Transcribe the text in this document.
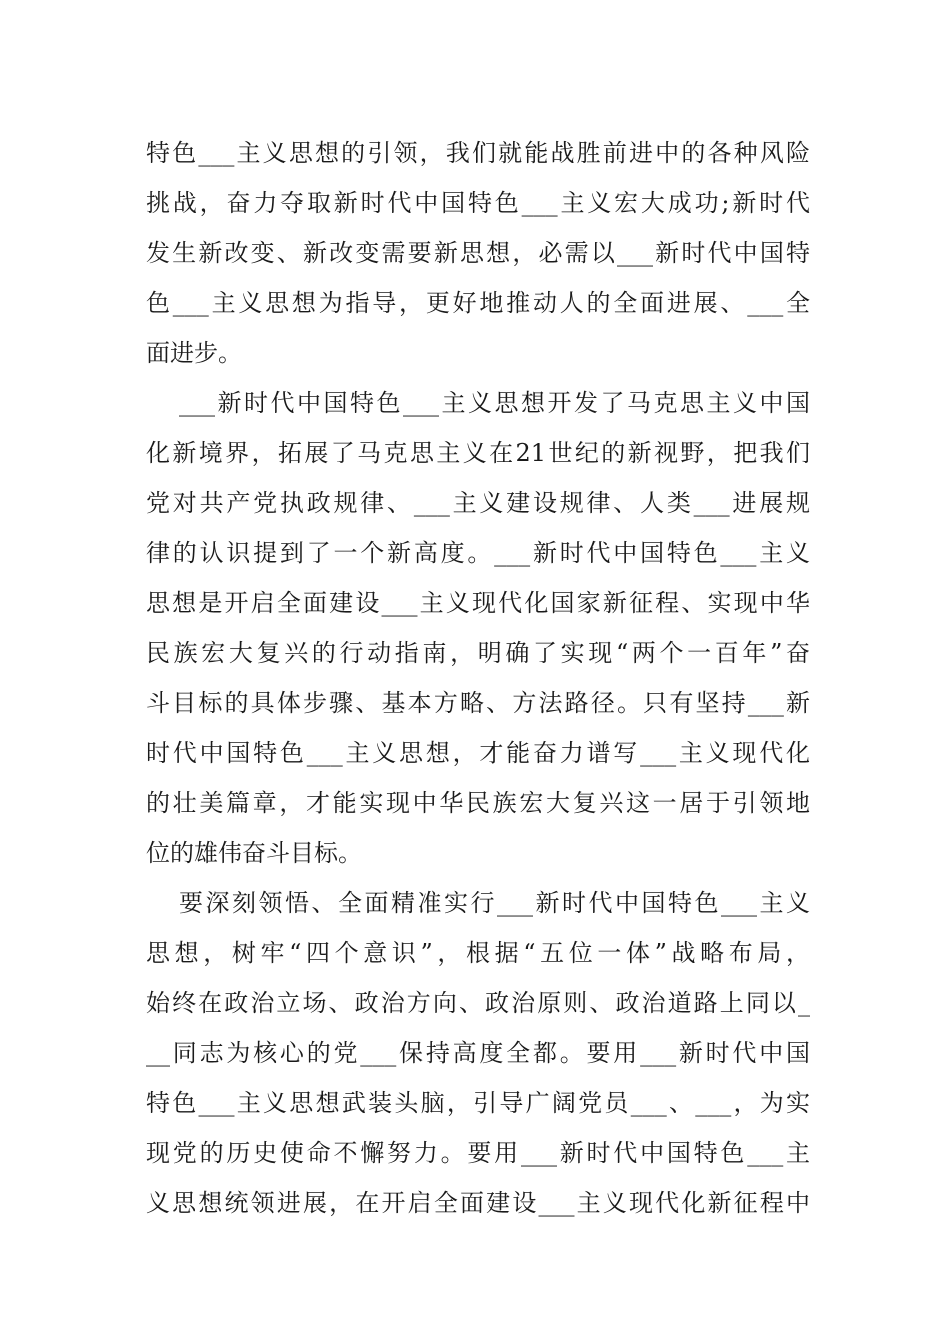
特色___主义思想的引领，我们就能战胜前进中的各种风险
挑战，奋力夺取新时代中国特色___主义宏大成功;新时代
发生新改变、新改变需要新思想，必需以___新时代中国特
色___主义思想为指导，更好地推动人的全面进展、___全
面进步。
___新时代中国特色___主义思想开发了马克思主义中国
化新境界，拓展了马克思主义在21世纪的新视野，把我们
党对共产党执政规律、___主义建设规律、人类___进展规
律的认识提到了一个新高度。___新时代中国特色___主义
思想是开启全面建设___主义现代化国家新征程、实现中华
民族宏大复兴的行动指南，明确了实现“两个一百年”奋
斗目标的具体步骤、基本方略、方法路径。只有坚持___新
时代中国特色___主义思想，才能奋力谱写___主义现代化
的壮美篇章，才能实现中华民族宏大复兴这一居于引领地
位的雄伟奋斗目标。
要深刻领悟、全面精准实行___新时代中国特色___主义
思想，树牢“四个意识”，根据“五位一体”战略布局，
始终在政治立场、政治方向、政治原则、政治道路上同以_
__同志为核心的党___保持高度全都。要用___新时代中国
特色___主义思想武装头脑，引导广阔党员___、___，为实
现党的历史使命不懈努力。要用___新时代中国特色___主
义思想统领进展，在开启全面建设___主义现代化新征程中
